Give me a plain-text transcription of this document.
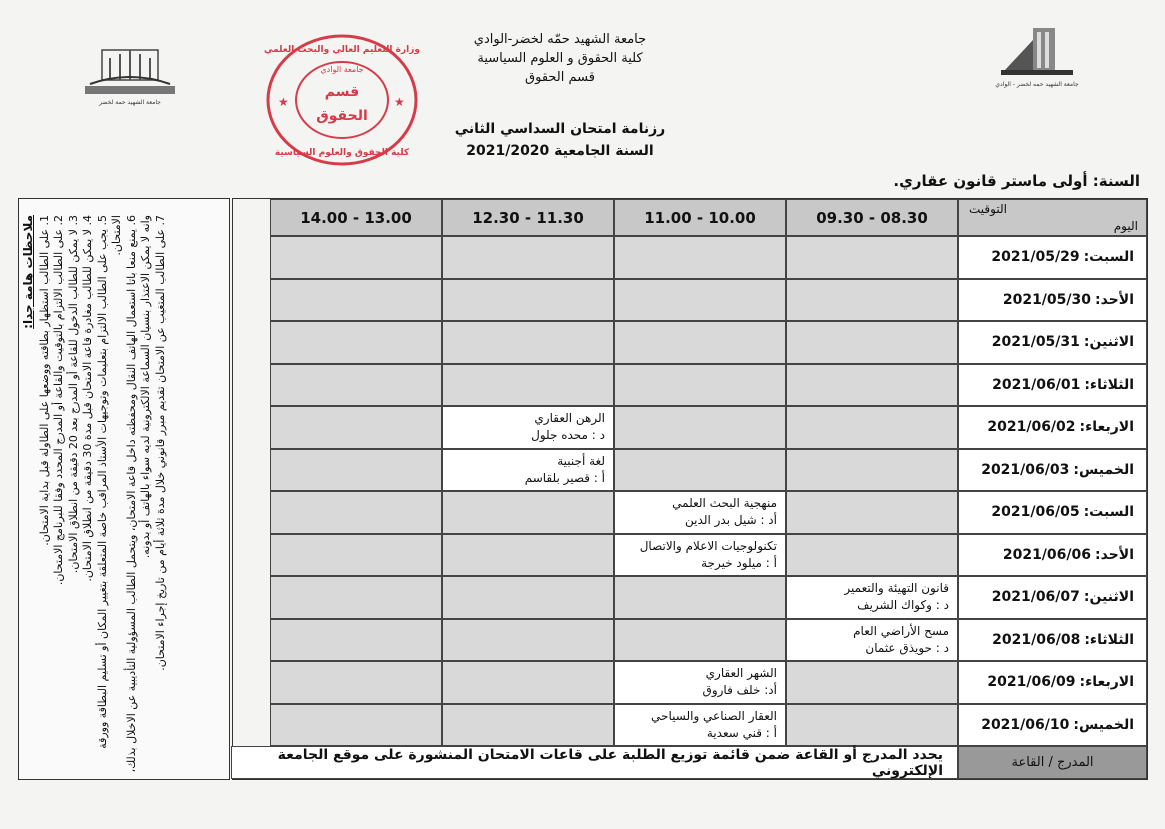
جامعة الشهيد حمة لخضر
جامعة الشهيد حمه لخضر - الوادي
وزارة التعليم العالي والبحث العلمي
جامعة الوادي
قسم
الحقوق
كلية الحقوق والعلوم السياسية
★	★
جامعة الشهيد حمّه لخضر-الوادي
كلية الحقوق و العلوم السياسية
قسم الحقوق
رزنامة امتحان السداسي الثاني
السنة الجامعية 2021/2020
السنة: أولى ماستر قانون عقاري.
التوقيت
اليوم
08.30 - 09.30
10.00 - 11.00
11.30 - 12.30
13.00 - 14.00
السبت:
2021/05/29
الأحد:
2021/05/30
الاثنين:
2021/05/31
الثلاثاء:
2021/06/01
الاربعاء:
2021/06/02
الرهن العقاري
د : محده جلول
الخميس:
2021/06/03
لغة أجنبية
أ : قصير بلقاسم
السبت:
2021/06/05
منهجية البحث العلمي
أد : شيل بدر الدين
الأحد:
2021/06/06
تكنولوجيات الاعلام والاتصال
أ : ميلود خيرجة
الاثنين:
2021/06/07
قانون التهيئة والتعمير
د : وكواك الشريف
الثلاثاء:
2021/06/08
مسح الأراضي العام
د : حويذق عثمان
الاربعاء:
2021/06/09
الشهر العقاري
أد: خلف فاروق
الخميس:
2021/06/10
العقار الصناعي والسياحي
أ : قني سعدية
المدرج / القاعة
يحدد المدرج أو القاعة ضمن قائمة توزيع الطلبة على قاعات الامتحان المنشورة على موقع الجامعة الإلكتروني
ملاحظات هامة جدا: 1. على الطالب استظهار بطاقته ووضعها على الطاولة قبل بداية الامتحان.
2. على الطالب الالتزام بالتوقيت والقاعة أو المدرج المحدد وفقا للبرنامج الامتحان.
3. لا يمكن للطالب الدخول للقاعة أو المدرج بعد 20 دقيقة من انطلاق الامتحان.
4. لا يمكن للطالب مغادرة قاعة الامتحان قبل مدة 30 دقيقة من انطلاق الامتحان.
5. يجب على الطالب الالتزام بتعليمات وتوجيهات الأستاذ المراقب خاصة المتعلقة بتغيير المكان أو تسليم البطاقة وورقة الامتحان. 6. يمنع منعا باتا استعمال الهاتف النقال ومحفظته داخل قاعة الامتحان، ويتحمل الطالب المسؤولية التأديبية عن الاخلال بذلك، وانه لا يمكن الاعتذار بنسيان السماعة الالكترونية لديه سواء بالهاتف أو بدونه. 7. على الطالب المتغيب عن الامتحان تقديم مبرر قانوني خلال مدة ثلاثة أيام من تاريخ إجراء الامتحان.
